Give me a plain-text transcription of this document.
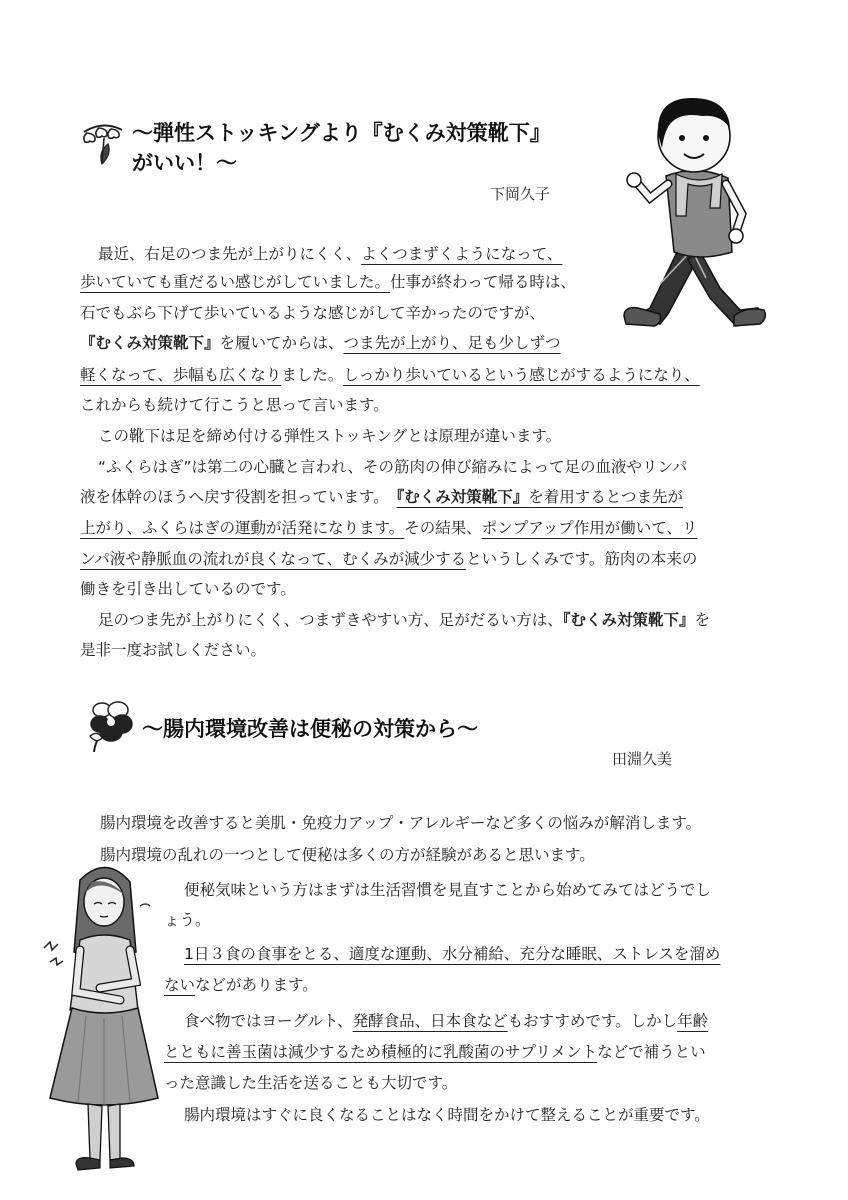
～弾性ストッキングより『むくみ対策靴下』
がいい！～
下岡久子
最近、右足のつま先が上がりにくく、よくつまずくようになって、
歩いていても重だるい感じがしていました。仕事が終わって帰る時は、
石でもぶら下げて歩いているような感じがして辛かったのですが、
『むくみ対策靴下』を履いてからは、つま先が上がり、足も少しずつ
軽くなって、歩幅も広くなりました。しっかり歩いているという感じがするようになり、
これからも続けて行こうと思って言います。
この靴下は足を締め付ける弾性ストッキングとは原理が違います。
“ふくらはぎ”は第二の心臓と言われ、その筋肉の伸び縮みによって足の血液やリンパ
液を体幹のほうへ戻す役割を担っています。　『むくみ対策靴下』を着用するとつま先が
上がり、ふくらはぎの運動が活発になります。その結果、ポンプアップ作用が働いて、リ
ンパ液や静脈血の流れが良くなって、むくみが減少するというしくみです。筋肉の本来の
働きを引き出しているのです。
足のつま先が上がりにくく、つまずきやすい方、足がだるい方は、『むくみ対策靴下』を
是非一度お試しください。
～腸内環境改善は便秘の対策から～
田淵久美
腸内環境を改善すると美肌・免疫力アップ・アレルギーなど多くの悩みが解消します。
腸内環境の乱れの一つとして便秘は多くの方が経験があると思います。
便秘気味という方はまずは生活習慣を見直すことから始めてみてはどうでし
ょう。
1日３食の食事をとる、適度な運動、水分補給、充分な睡眠、ストレスを溜め
ないなどがあります。
食べ物ではヨーグルト、発酵食品、日本食などもおすすめです。しかし年齢
とともに善玉菌は減少するため積極的に乳酸菌のサプリメントなどで補うとい
った意識した生活を送ることも大切です。
腸内環境はすぐに良くなることはなく時間をかけて整えることが重要です。
